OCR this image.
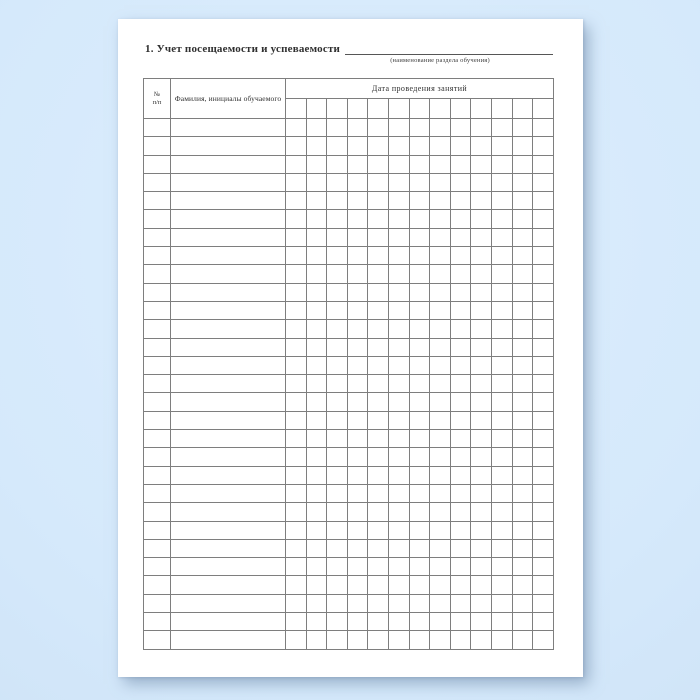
1. Учет посещаемости и успеваемости
(наименование раздела обучения)
№
п/п	Фамилия, инициалы обучаемого	Дата проведения занятий												
